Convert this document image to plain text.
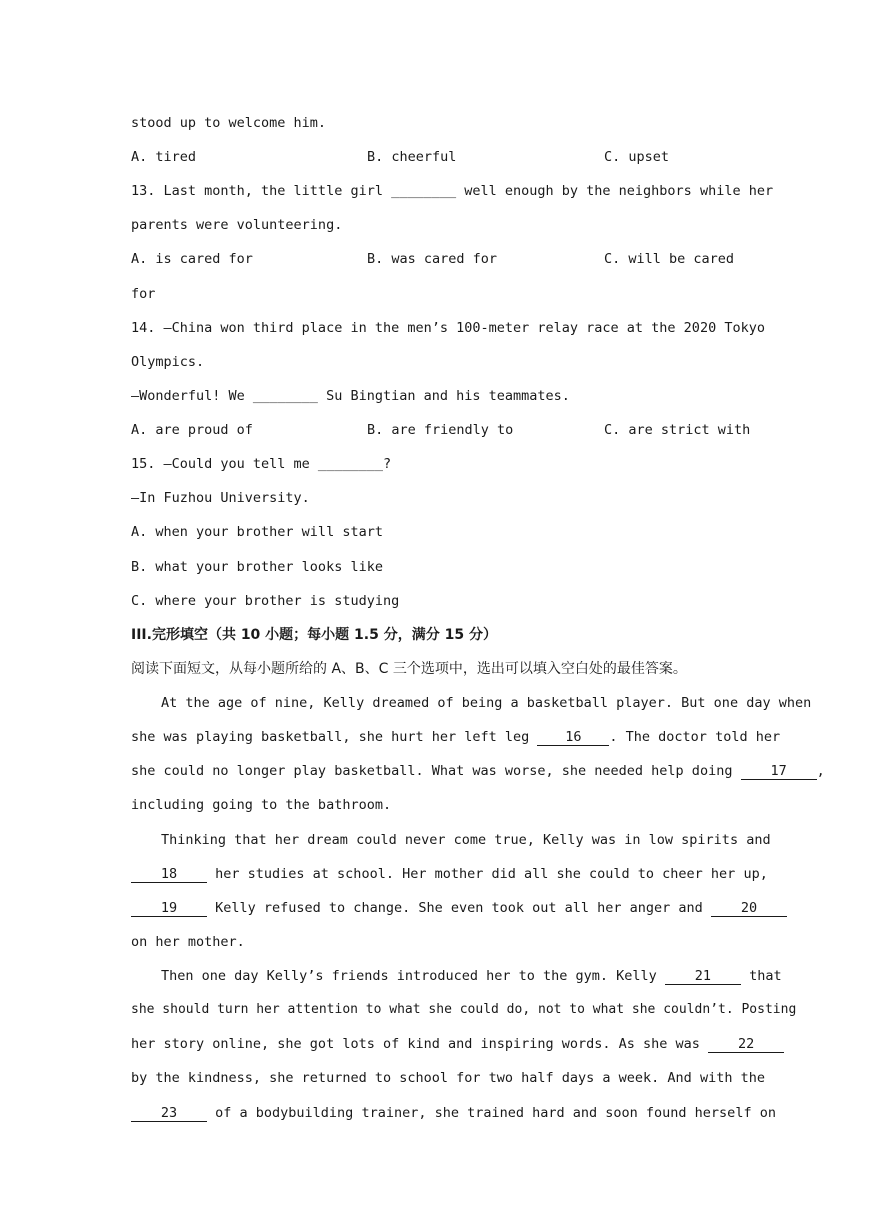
stood up to welcome him.
A. tired	B. cheerful	C. upset
13. Last month, the little girl ________ well enough by the neighbors while her
parents were volunteering.
A. is cared for	B. was cared for	C. will be cared
for
14. —China won third place in the men’s 100-meter relay race at the 2020 Tokyo
Olympics.
—Wonderful! We ________ Su Bingtian and his teammates.
A. are proud of	B. are friendly to	C. are strict with
15. —Could you tell me ________?
—In Fuzhou University.
A. when your brother will start
B. what your brother looks like
C. where your brother is studying
III.完形填空（共 10 小题；每小题 1.5 分，满分 15 分）
阅读下面短文，从每小题所给的 A、B、C 三个选项中，选出可以填入空白处的最佳答案。
At the age of nine, Kelly dreamed of being a basketball player. But one day when
she was playing basketball, she hurt her left leg	16 . The doctor told her
she could no longer play basketball. What was worse, she needed help doing	17 ,
including going to the bathroom.
Thinking that her dream could never come true, Kelly was in low spirits and
18	her studies at school. Her mother did all she could to cheer her up,
19	Kelly refused to change. She even took out all her anger and	20
on her mother.
Then one day Kelly’s friends introduced her to the gym. Kelly	21	that
she should turn her attention to what she could do, not to what she couldn’t. Posting
her story online, she got lots of kind and inspiring words. As she was	22
by the kindness, she returned to school for two half days a week. And with the
23	of a bodybuilding trainer, she trained hard and soon found herself on
